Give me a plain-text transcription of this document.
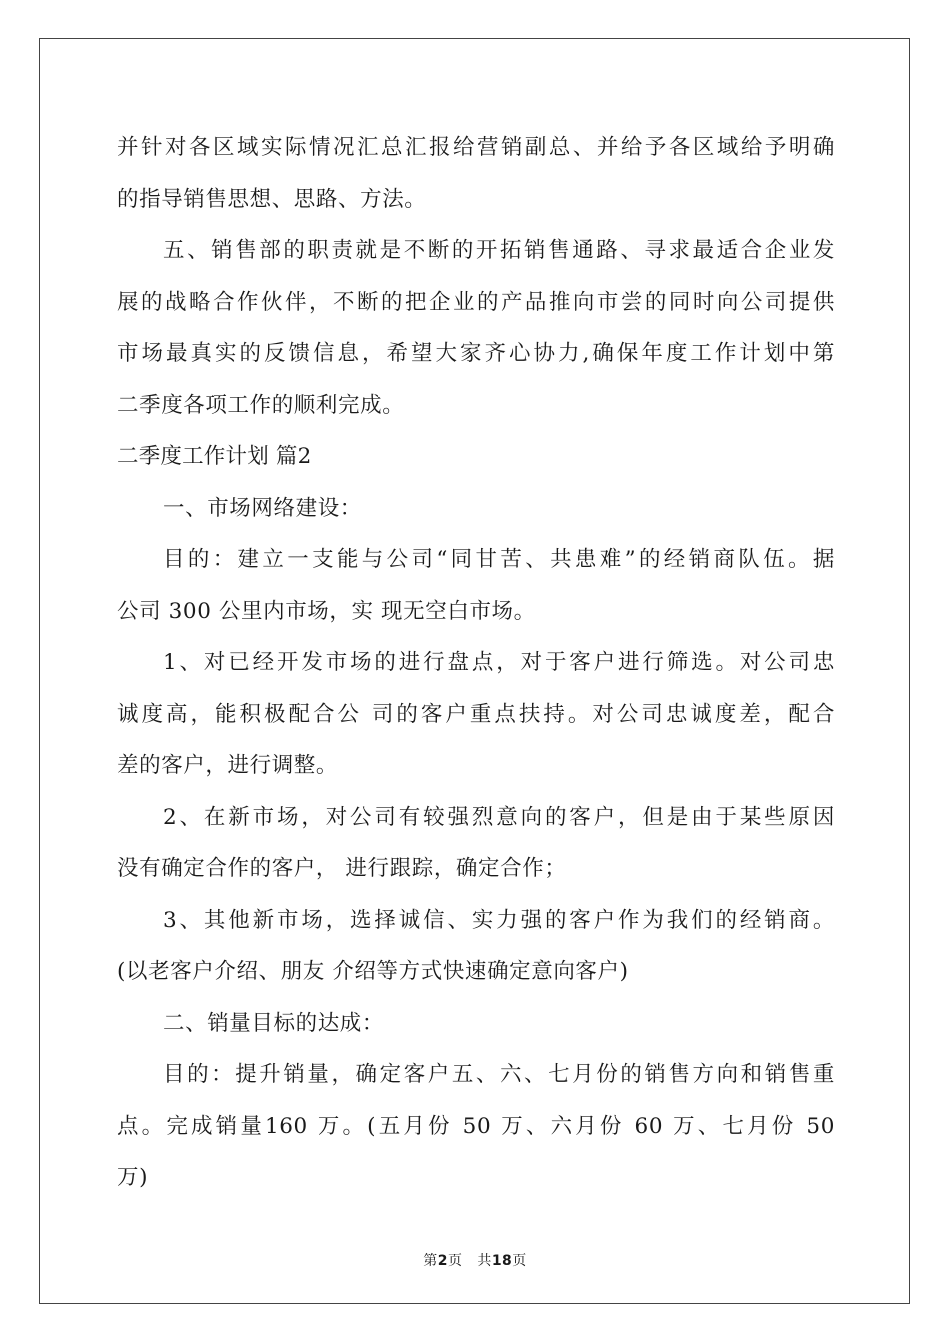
并针对各区域实际情况汇总汇报给营销副总、并给予各区域给予明确
的指导销售思想、思路、方法。
五、销售部的职责就是不断的开拓销售通路、寻求最适合企业发
展的战略合作伙伴，不断的把企业的产品推向市尝的同时向公司提供
市场最真实的反馈信息，希望大家齐心协力,确保年度工作计划中第
二季度各项工作的顺利完成。
二季度工作计划 篇2
一、市场网络建设：
目的：建立一支能与公司“同甘苦、共患难”的经销商队伍。据
公司 300 公里内市场，实 现无空白市场。
1、对已经开发市场的进行盘点，对于客户进行筛选。对公司忠
诚度高，能积极配合公 司的客户重点扶持。对公司忠诚度差，配合
差的客户，进行调整。
2、在新市场，对公司有较强烈意向的客户，但是由于某些原因
没有确定合作的客户， 进行跟踪，确定合作；
3、其他新市场，选择诚信、实力强的客户作为我们的经销商。
(以老客户介绍、朋友 介绍等方式快速确定意向客户)
二、销量目标的达成：
目的：提升销量，确定客户五、六、七月份的销售方向和销售重
点。完成销量160 万。(五月份 50 万、六月份 60 万、七月份 50
万)
第2页 共18页
